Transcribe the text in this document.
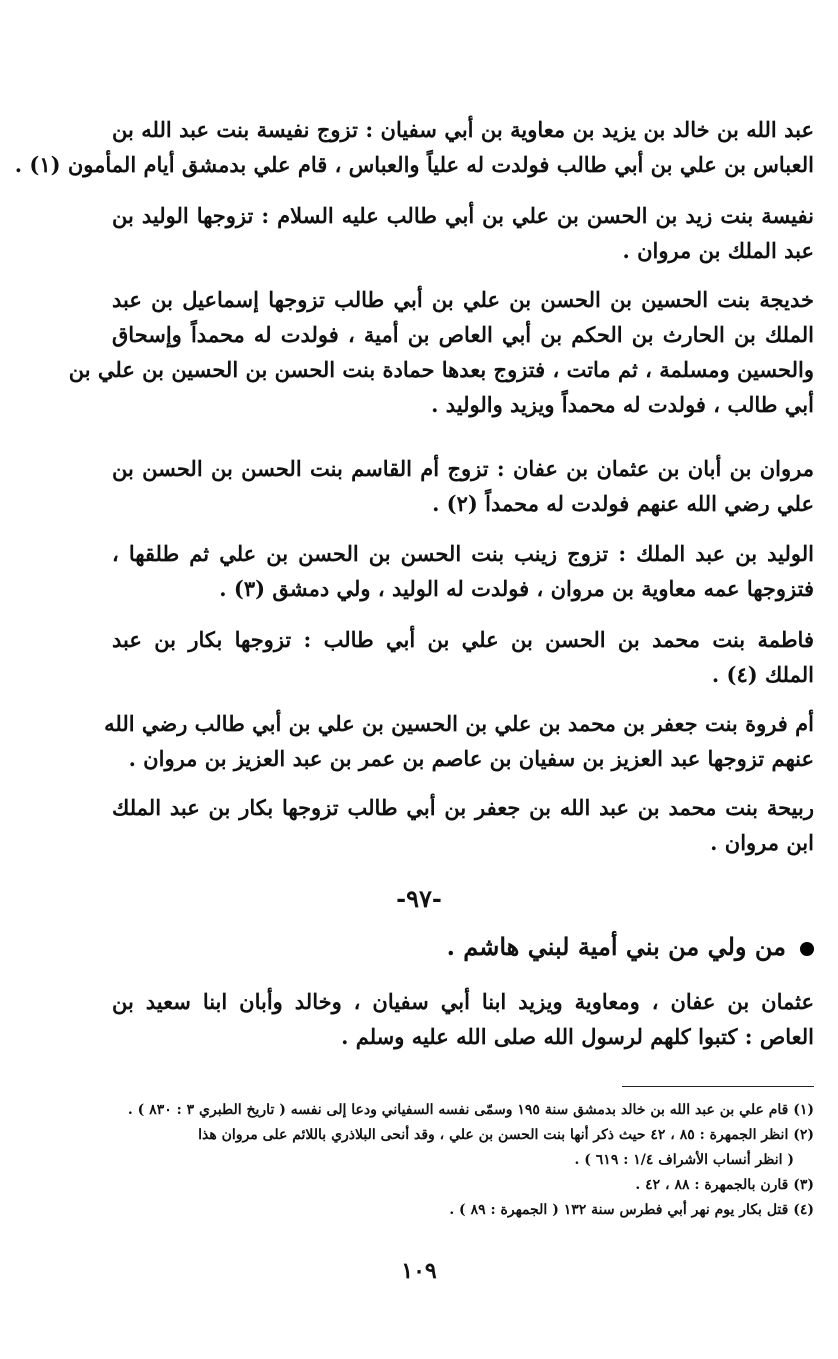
عبد الله بن خالد بن يزيد بن معاوية بن أبي سفيان : تزوج نفيسة بنت عبد الله بن
العباس بن علي بن أبي طالب فولدت له علياً والعباس ، قام علي بدمشق أيام المأمون (١) .
نفيسة بنت زيد بن الحسن بن علي بن أبي طالب عليه السلام : تزوجها الوليد بن
عبد الملك بن مروان .
خديجة بنت الحسين بن الحسن بن علي بن أبي طالب تزوجها إسماعيل بن عبد
الملك بن الحارث بن الحكم بن أبي العاص بن أمية ، فولدت له محمداً وإسحاق
والحسين ومسلمة ، ثم ماتت ، فتزوج بعدها حمادة بنت الحسن بن الحسين بن علي بن
أبي طالب ، فولدت له محمداً ويزيد والوليد .
مروان بن أبان بن عثمان بن عفان : تزوج أم القاسم بنت الحسن بن الحسن بن
علي رضي الله عنهم فولدت له محمداً (٢) .
الوليد بن عبد الملك : تزوج زينب بنت الحسن بن الحسن بن علي ثم طلقها ،
فتزوجها عمه معاوية بن مروان ، فولدت له الوليد ، ولي دمشق (٣) .
فاطمة بنت محمد بن الحسن بن علي بن أبي طالب : تزوجها بكار بن عبد
الملك (٤) .
أم فروة بنت جعفر بن محمد بن علي بن الحسين بن علي بن أبي طالب رضي الله
عنهم تزوجها عبد العزيز بن سفيان بن عاصم بن عمر بن عبد العزيز بن مروان .
ربيحة بنت محمد بن عبد الله بن جعفر بن أبي طالب تزوجها بكار بن عبد الملك
ابن مروان .
-٩٧-
من ولي من بني أمية لبني هاشم .
عثمان بن عفان ، ومعاوية ويزيد ابنا أبي سفيان ، وخالد وأبان ابنا سعيد بن
العاص : كتبوا كلهم لرسول الله صلى الله عليه وسلم .
(١) قام علي بن عبد الله بن خالد بدمشق سنة ١٩٥ وسمّى نفسه السفياني ودعا إلى نفسه ( تاريخ الطبري ٣ : ٨٣٠ ) .
(٢) انظر الجمهرة : ٨٥ ، ٤٢ حيث ذكر أنها بنت الحسن بن علي ، وقد أنحى البلاذري باللائم على مروان هذا
( انظر أنساب الأشراف ١/٤ : ٦١٩ ) .
(٣) قارن بالجمهرة : ٨٨ ، ٤٢ .
(٤) قتل بكار يوم نهر أبي فطرس سنة ١٣٢ ( الجمهرة : ٨٩ ) .
١٠٩
